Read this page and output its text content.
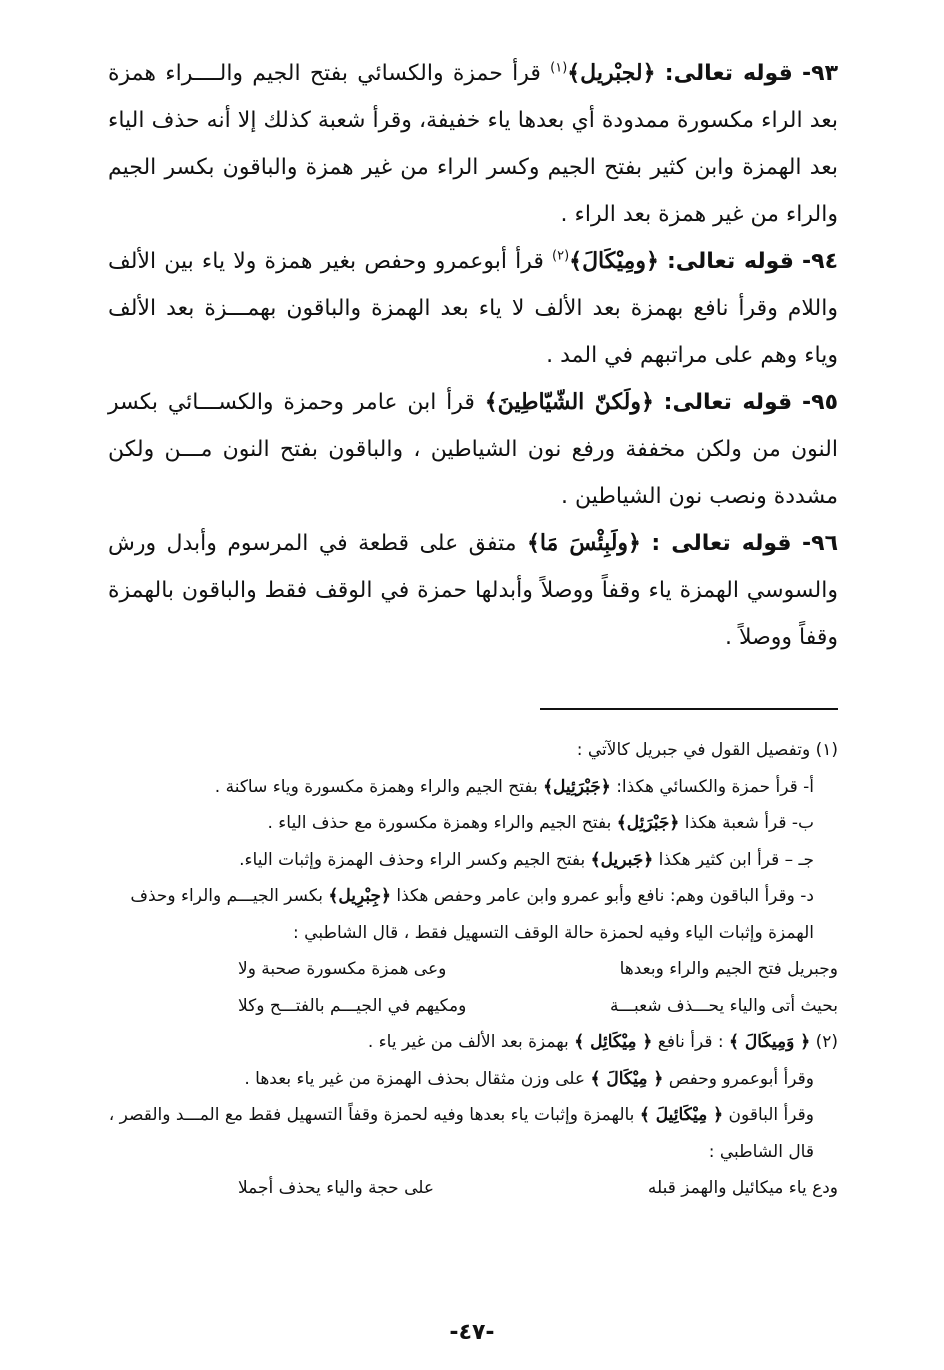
٩٣- قوله تعالى: ﴿لجبْريل﴾$^{(١)}$ قرأ حمزة والكسائي بفتح الجيم والــــراء همزة بعد الراء مكسورة ممدودة أي بعدها ياء خفيفة، وقرأ شعبة كذلك إلا أنه حذف الياء بعد الهمزة وابن كثير بفتح الجيم وكسر الراء من غير همزة والباقون بكسر الجيم والراء من غير همزة بعد الراء .

٩٤- قوله تعالى: ﴿ومِيْكَالَ﴾$^{(٢)}$ قرأ أبوعمرو وحفص بغير همزة ولا ياء بين الألف واللام وقرأ نافع بهمزة بعد الألف لا ياء بعد الهمزة والباقون بهمـــزة بعد الألف وياء وهم على مراتبهم في المد .

٩٥- قوله تعالى: ﴿ولَكنّ الشّيّاطِينَ﴾ قرأ ابن عامر وحمزة والكســـائي بكسر النون من ولكن مخففة ورفع نون الشياطين ، والباقون بفتح النون مـــن ولكن مشددة ونصب نون الشياطين .

٩٦- قوله تعالى : ﴿ولَبِئْسَ مَا﴾ متفق على قطعة في المرسوم وأبدل ورش والسوسي الهمزة ياء وقفاً ووصلاً وأبدلها حمزة في الوقف فقط والباقون بالهمزة وقفاً ووصلاً .

(١) وتفصيل القول في جبريل كالآتي :

أ- قرأ حمزة والكسائي هكذا: ﴿جَبْرَئِيل﴾ بفتح الجيم والراء وهمزة مكسورة وياء ساكنة .

ب- قرأ شعبة هكذا ﴿جَبْرَئِل﴾ بفتح الجيم والراء وهمزة مكسورة مع حذف الياء .

جـ – قرأ ابن كثير هكذا ﴿جَبريل﴾ بفتح الجيم وكسر الراء وحذف الهمزة وإثبات الياء.

د- وقرأ الباقون وهم: نافع وأبو عمرو وابن عامر وحفص هكذا ﴿جِبْرِيل﴾ بكسر الجيـــم والراء وحذف الهمزة وإثبات الياء وفيه لحمزة حالة الوقف التسهيل فقط ، قال الشاطبي :

وجبريل فتح الجيم والراء وبعدها
وعى همزة مكسورة صحبة ولا
بحيث أتى والياء يحـــذف شعبـــة
ومكيهم في الجيـــم بالفتـــح وكلا

(٢) ﴿ وَمِيكَالَ ﴾ : قرأ نافع ﴿ مِيْكَائِل ﴾ بهمزة بعد الألف من غير ياء .

وقرأ أبوعمرو وحفص ﴿ مِيْكَالَ ﴾ على وزن مثقال بحذف الهمزة من غير ياء بعدها .

وقرأ الباقون ﴿ مِيْكَائِيلَ ﴾ بالهمزة وإثبات ياء بعدها وفيه لحمزة وقفاً التسهيل فقط مع المـــد والقصر ، قال الشاطبي :

ودع ياء ميكائيل والهمز قبله
على حجة والياء يحذف أجملا
-٤٧-
